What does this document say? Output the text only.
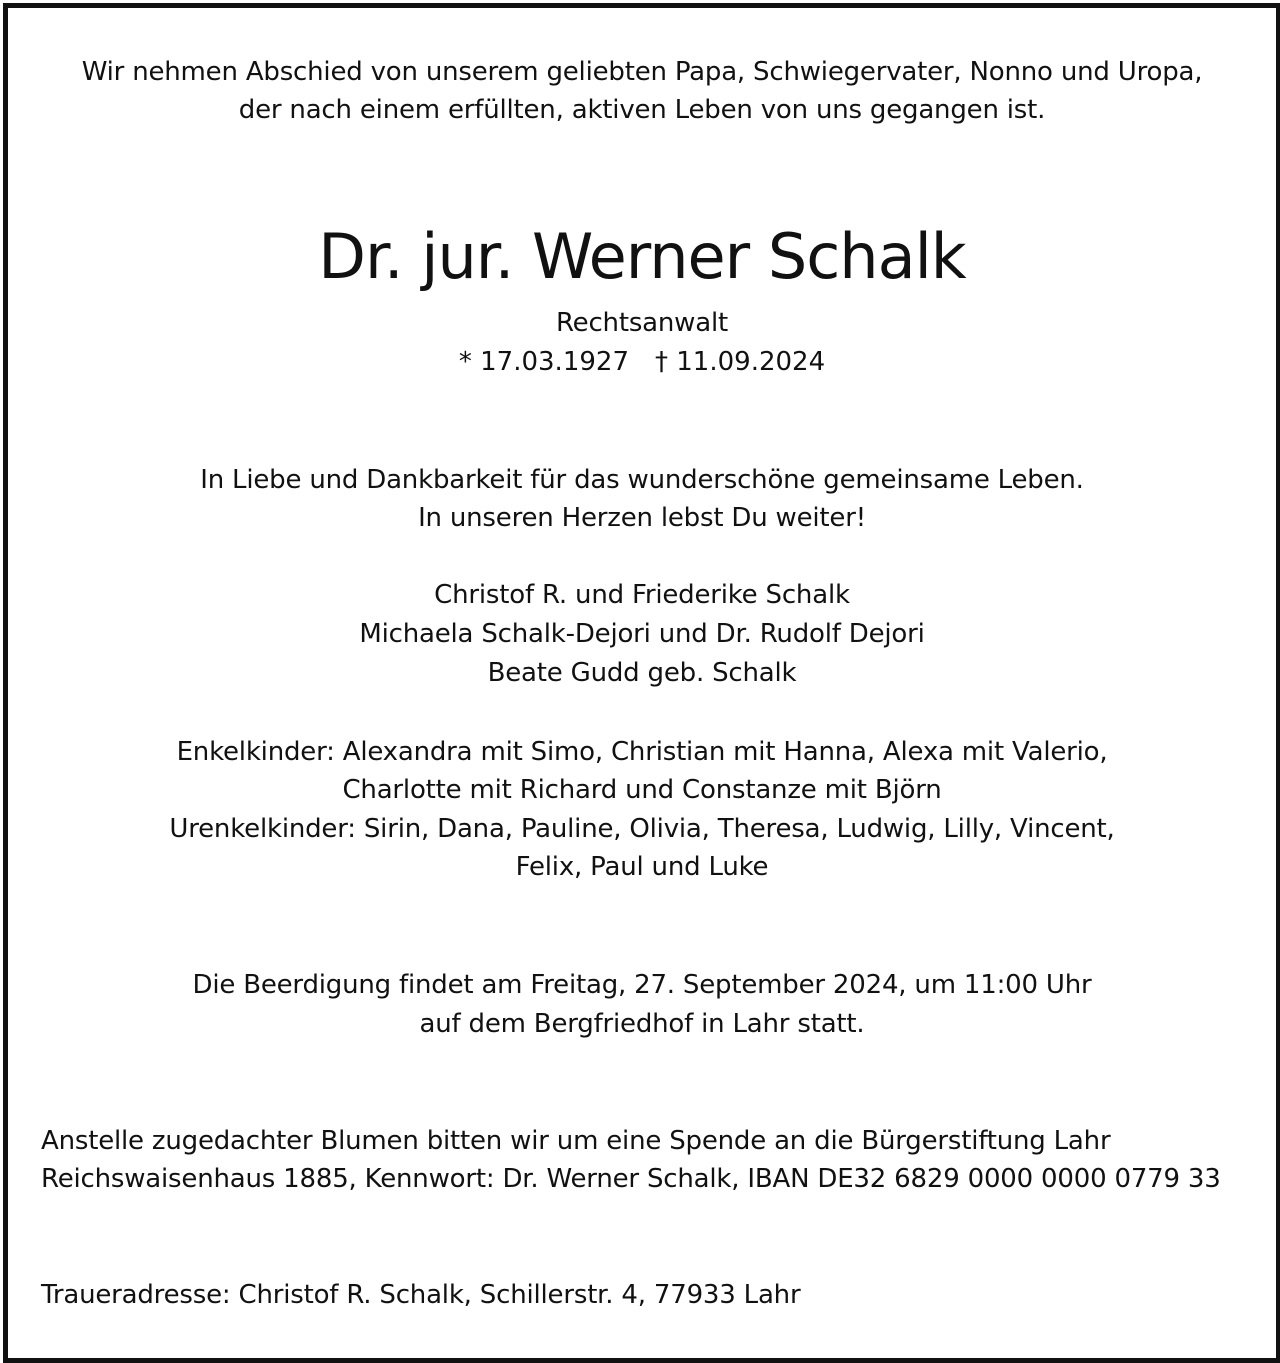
Wir nehmen Abschied von unserem geliebten Papa, Schwiegervater, Nonno und Uropa,
der nach einem erfüllten, aktiven Leben von uns gegangen ist.
Dr. jur. Werner Schalk
Rechtsanwalt
* 17.03.1927 † 11.09.2024
In Liebe und Dankbarkeit für das wunderschöne gemeinsame Leben.
In unseren Herzen lebst Du weiter!
Christof R. und Friederike Schalk
Michaela Schalk-Dejori und Dr. Rudolf Dejori
Beate Gudd geb. Schalk
Enkelkinder: Alexandra mit Simo, Christian mit Hanna, Alexa mit Valerio,
Charlotte mit Richard und Constanze mit Björn
Urenkelkinder: Sirin, Dana, Pauline, Olivia, Theresa, Ludwig, Lilly, Vincent,
Felix, Paul und Luke
Die Beerdigung findet am Freitag, 27. September 2024, um 11:00 Uhr
auf dem Bergfriedhof in Lahr statt.
Anstelle zugedachter Blumen bitten wir um eine Spende an die Bürgerstiftung Lahr
Reichswaisenhaus 1885, Kennwort: Dr. Werner Schalk, IBAN DE32 6829 0000 0000 0779 33
Traueradresse: Christof R. Schalk, Schillerstr. 4, 77933 Lahr
